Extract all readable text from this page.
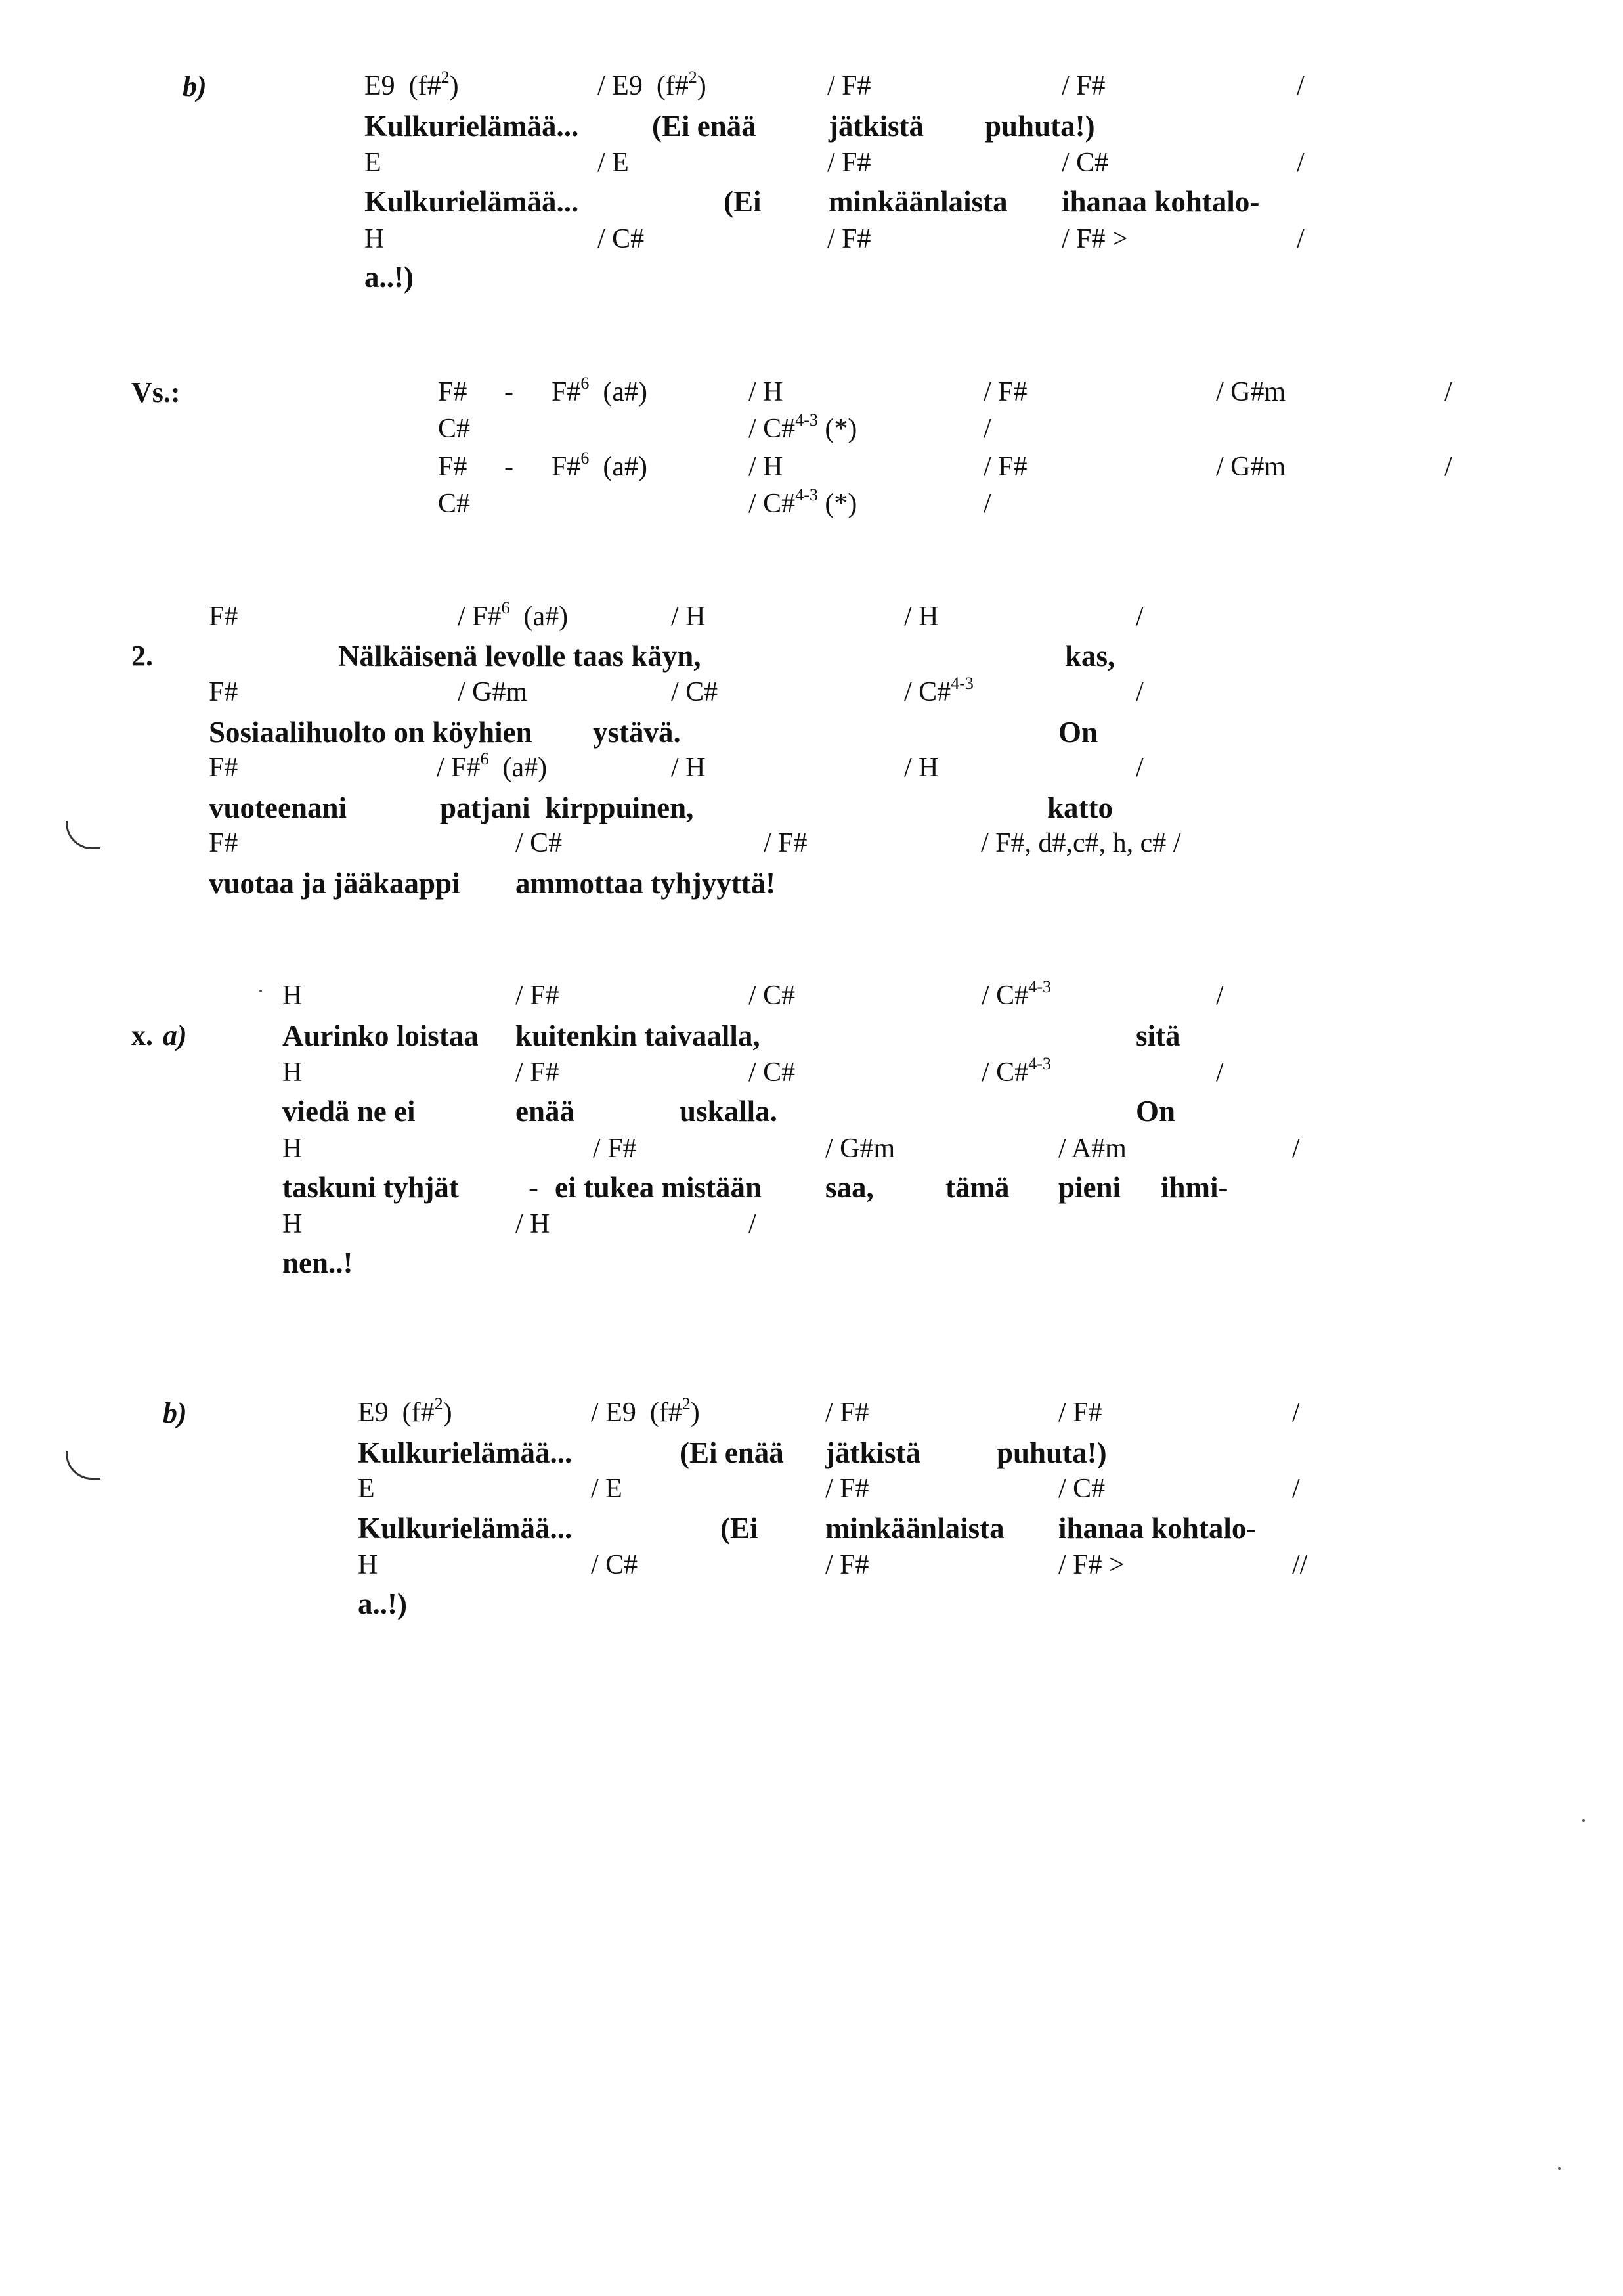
b)	E9  (f#$^2$)	/ E9  (f#$^2$)	/ F#	/ F#	/
Kulkurielämää... (Ei enää jätkistä puhuta!)
E	/ E	/ F#	/ C#	/
Kulkurielämää...	(Ei minkäänlaista ihanaa kohtalo-
H	/ C#	/ F#	/ F# >	/
a..!)
Vs.:	F# - F#$^6$  (a#)	/ H	/ F#	/ G#m	/
C#	/ C#$^{4-3}$ (*)	/
F# - F#$^6$  (a#)	/ H	/ F#	/ G#m	/
C#	/ C#$^{4-3}$ (*)	/
F#	/ F#$^6$  (a#)	/ H	/ H	/
2.	Nälkäisenä levolle taas käyn,	kas,
F#	/ G#m	/ C#	/ C#$^{4-3}$	/
Sosiaalihuolto on köyhien ystävä.	On
F#	/ F#$^6$  (a#)	/ H	/ H	/
vuoteenani	patjani  kirppuinen,	katto
F#	/ C#	/ F#	/ F#, d#,c#, h, c# /
vuotaa ja jääkaappi ammottaa tyhjyyttä!
H	/ F#	/ C#	/ C#$^{4-3}$	/
x. a)	Aurinko loistaa kuitenkin taivaalla,	sitä
H	/ F#	/ C#	/ C#$^{4-3}$	/
viedä ne ei	enää	uskalla.	On
H	/ F#	/ G#m	/ A#m	/
taskuni tyhjät - ei tukea mistään saa, tämä pieni ihmi-
H	/ H	/
nen..!
b)	E9  (f#$^2$)	/ E9  (f#$^2$)	/ F#	/ F#	/
Kulkurielämää...	(Ei enää jätkistä	puhuta!)
E	/ E	/ F#	/ C#	/
Kulkurielämää...	(Ei minkäänlaista ihanaa kohtalo-
H	/ C#	/ F#	/ F# >	//
a..!)
